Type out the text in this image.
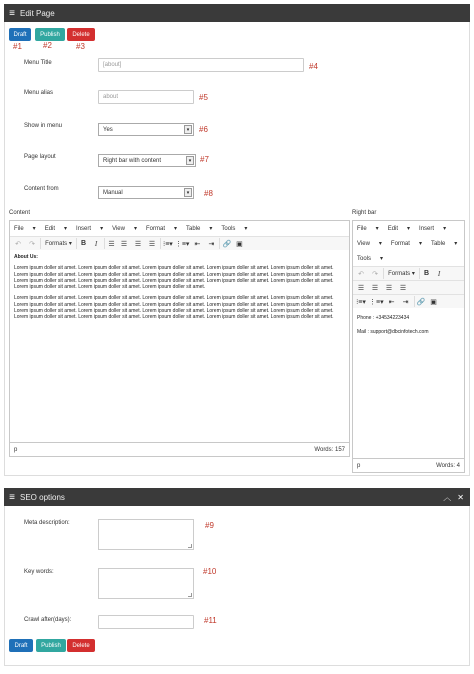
≡ Edit Page
Draft	Publish	Delete
#1	#2	#3
Menu Title	[about]	#4
Menu alias
about	#5
Show in menu
Yes	▾	#6
Page layout
Right bar with content	▾	#7
Content from
Manual	▾	#8
Content
File ▾ Edit ▾ Insert ▾ View ▾ Format ▾ Table ▾ Tools ▾
↶	↷	Formats ▾	B	I	☰ ☰	☰	☰	⁝≡▾ ⋮≡▾ ⇤	⇥	🔗 ▣
About Us:

Lorem ipsum doller sit amet. Lorem ipsum doller sit amet. Lorem ipsum doller sit amet. Lorem ipsum doller sit amet. Lorem ipsum doller sit amet. Lorem ipsum doller sit amet. Lorem ipsum doller sit amet. Lorem ipsum doller sit amet. Lorem ipsum doller sit amet. Lorem ipsum doller sit amet. Lorem ipsum doller sit amet. Lorem ipsum doller sit amet. Lorem ipsum doller sit amet. Lorem ipsum doller sit amet. Lorem ipsum doller sit amet. Lorem ipsum doller sit amet. Lorem ipsum doller sit amet. Lorem ipsum doller sit amet.

Lorem ipsum doller sit amet. Lorem ipsum doller sit amet. Lorem ipsum doller sit amet. Lorem ipsum doller sit amet. Lorem ipsum doller sit amet. Lorem ipsum doller sit amet. Lorem ipsum doller sit amet. Lorem ipsum doller sit amet. Lorem ipsum doller sit amet. Lorem ipsum doller sit amet. Lorem ipsum doller sit amet. Lorem ipsum doller sit amet. Lorem ipsum doller sit amet. Lorem ipsum doller sit amet. Lorem ipsum doller sit amet. Lorem ipsum doller sit amet. Lorem ipsum doller sit amet. Lorem ipsum doller sit amet. Lorem ipsum doller sit amet. Lorem ipsum doller sit amet.

p	Words: 157
Right bar
File ▾ Edit ▾ Insert ▾
View ▾ Format ▾ Table ▾
Tools ▾
↶	↷	Formats ▾	B	I
☰	☰	☰	☰
⁝≡▾ ⋮≡▾ ⇤	⇥	🔗 ▣

Phone : +34534223434

Mail : support@dbcinfotech.com

p	Words: 4
≡ SEO options	︿ ✕
Meta description:	#9
Key words:	#10
Crawl after(days):	#11
Draft	Publish	Delete
